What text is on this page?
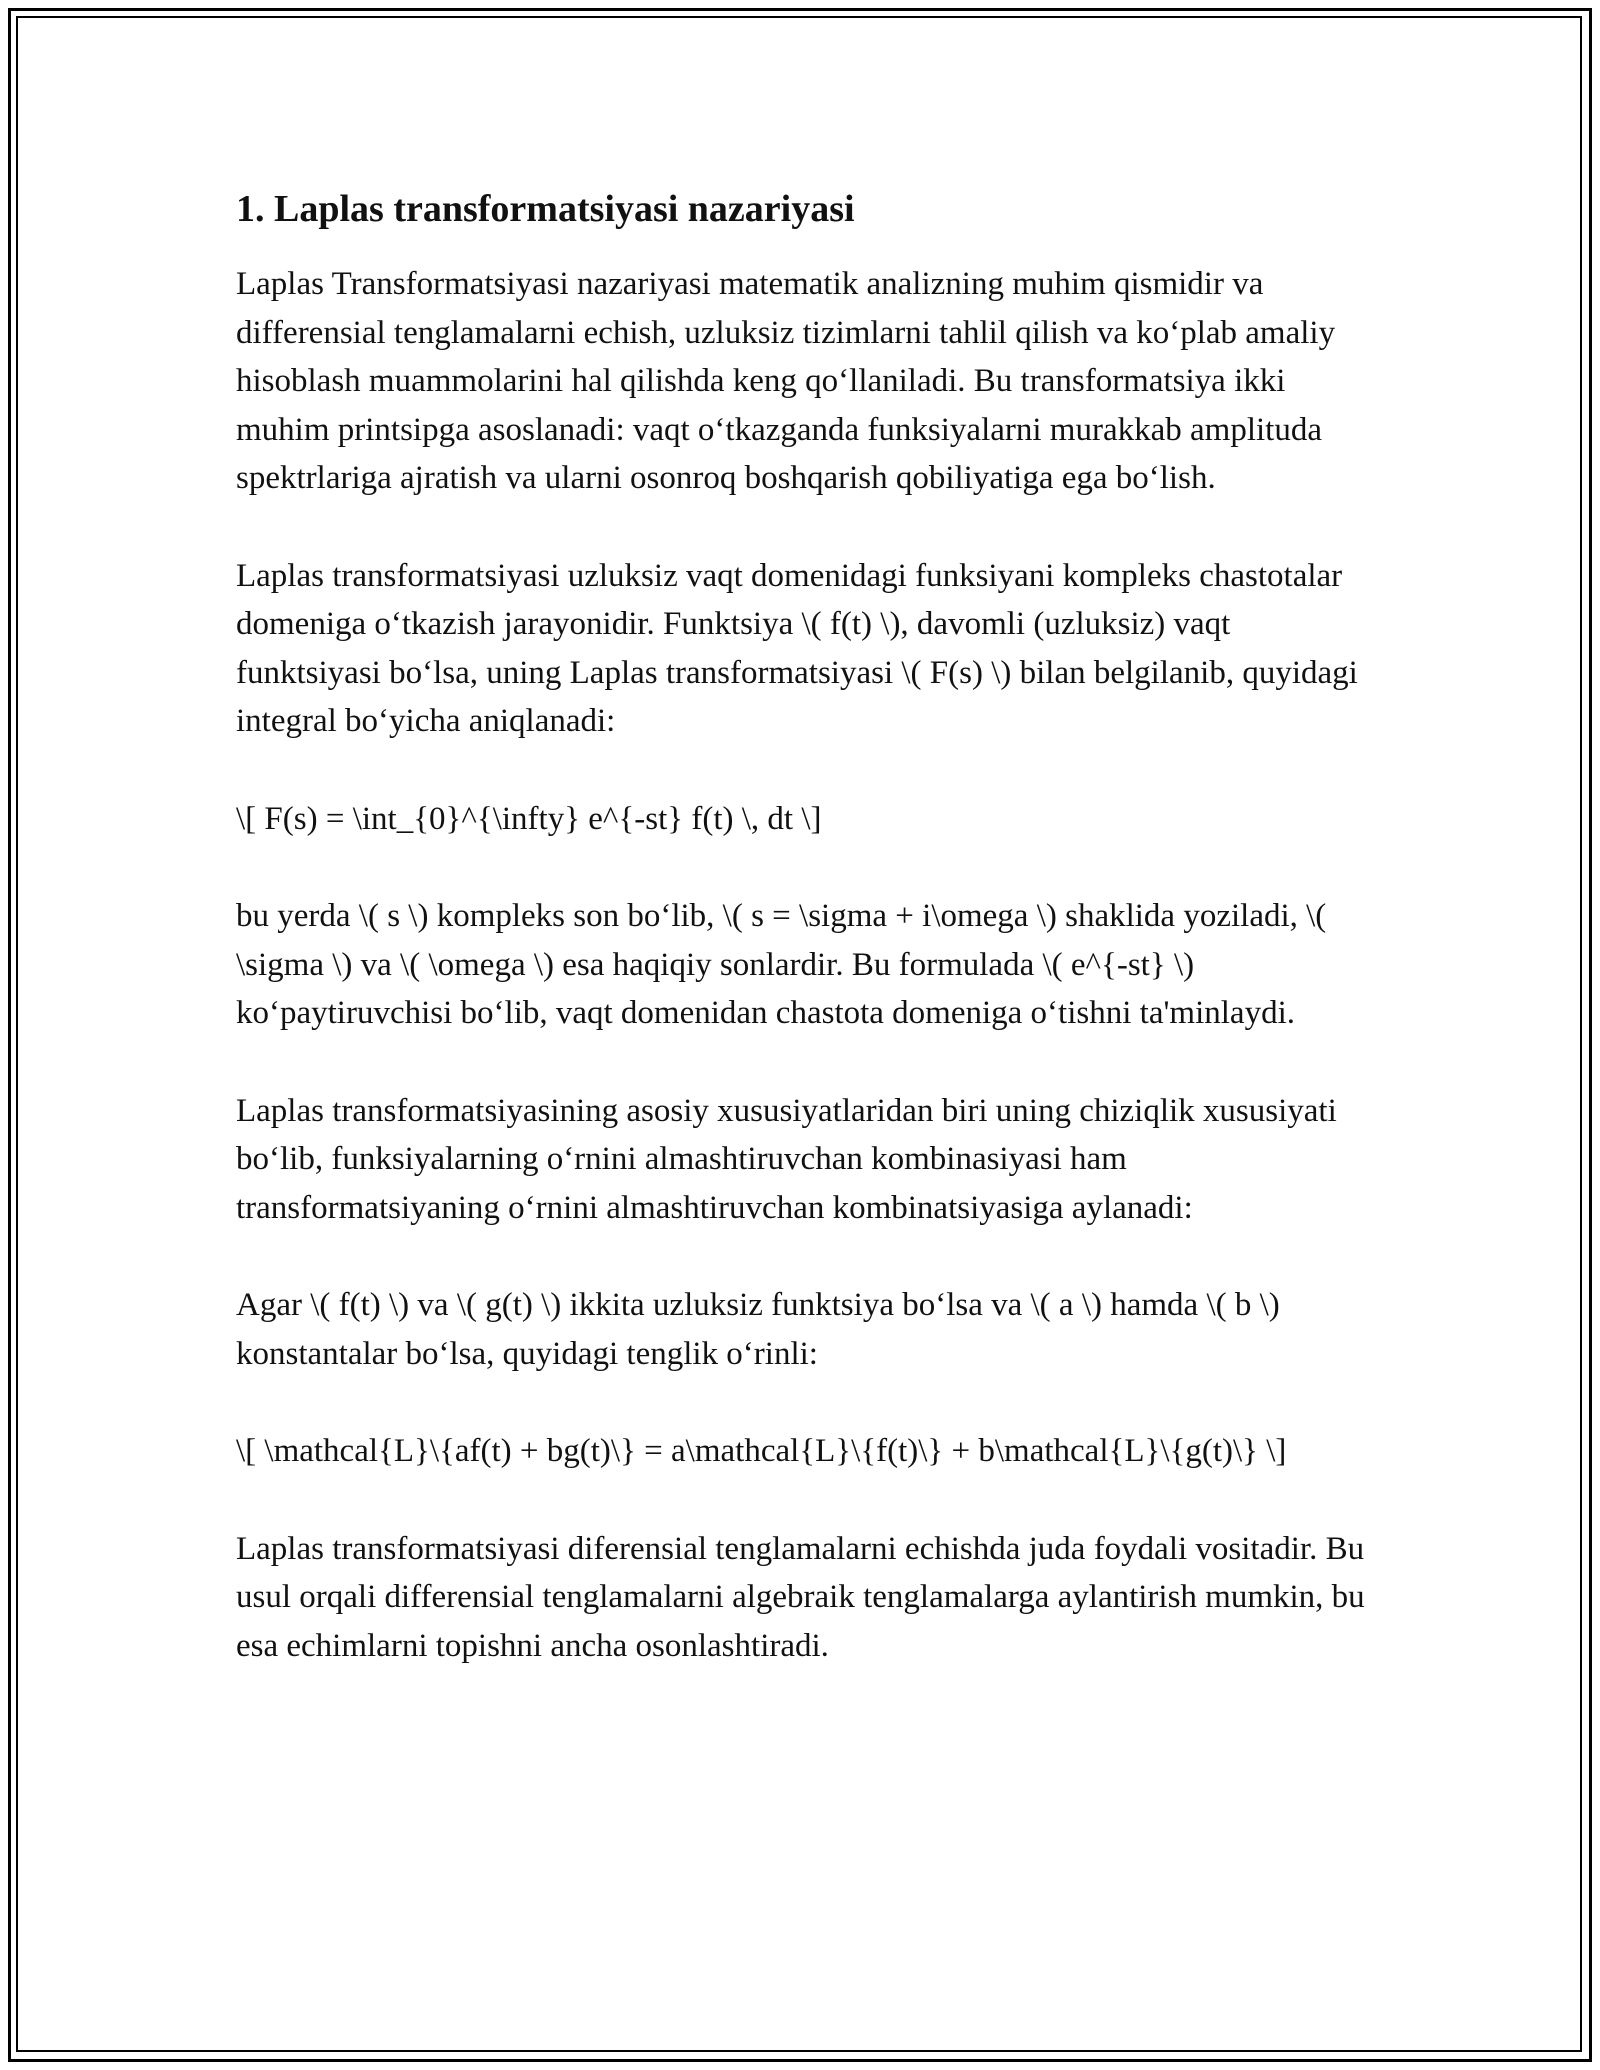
1. Laplas transformatsiyasi nazariyasi

Laplas Transformatsiyasi nazariyasi matematik analizning muhim qismidir va differensial tenglamalarni echish, uzluksiz tizimlarni tahlil qilish va ko‘plab amaliy hisoblash muammolarini hal qilishda keng qo‘llaniladi. Bu transformatsiya ikki muhim printsipga asoslanadi: vaqt o‘tkazganda funksiyalarni murakkab amplituda spektrlariga ajratish va ularni osonroq boshqarish qobiliyatiga ega bo‘lish.

Laplas transformatsiyasi uzluksiz vaqt domenidagi funksiyani kompleks chastotalar domeniga o‘tkazish jarayonidir. Funktsiya \( f(t) \), davomli (uzluksiz) vaqt funktsiyasi bo‘lsa, uning Laplas transformatsiyasi \( F(s) \) bilan belgilanib, quyidagi integral bo‘yicha aniqlanadi:

\[ F(s) = \int_{0}^{\infty} e^{-st} f(t) \, dt \]

bu yerda \( s \) kompleks son bo‘lib, \( s = \sigma + i\omega \) shaklida yoziladi, \( \sigma \) va \( \omega \) esa haqiqiy sonlardir. Bu formulada \( e^{-st} \) ko‘paytiruvchisi bo‘lib, vaqt domenidan chastota domeniga o‘tishni ta'minlaydi.

Laplas transformatsiyasining asosiy xususiyatlaridan biri uning chiziqlik xususiyati bo‘lib, funksiyalarning o‘rnini almashtiruvchan kombinasiyasi ham transformatsiyaning o‘rnini almashtiruvchan kombinatsiyasiga aylanadi:

Agar \( f(t) \) va \( g(t) \) ikkita uzluksiz funktsiya bo‘lsa va \( a \) hamda \( b \) konstantalar bo‘lsa, quyidagi tenglik o‘rinli:

\[ \mathcal{L}\{af(t) + bg(t)\} = a\mathcal{L}\{f(t)\} + b\mathcal{L}\{g(t)\} \]

Laplas transformatsiyasi diferensial tenglamalarni echishda juda foydali vositadir. Bu usul orqali differensial tenglamalarni algebraik tenglamalarga aylantirish mumkin, bu esa echimlarni topishni ancha osonlashtiradi.
